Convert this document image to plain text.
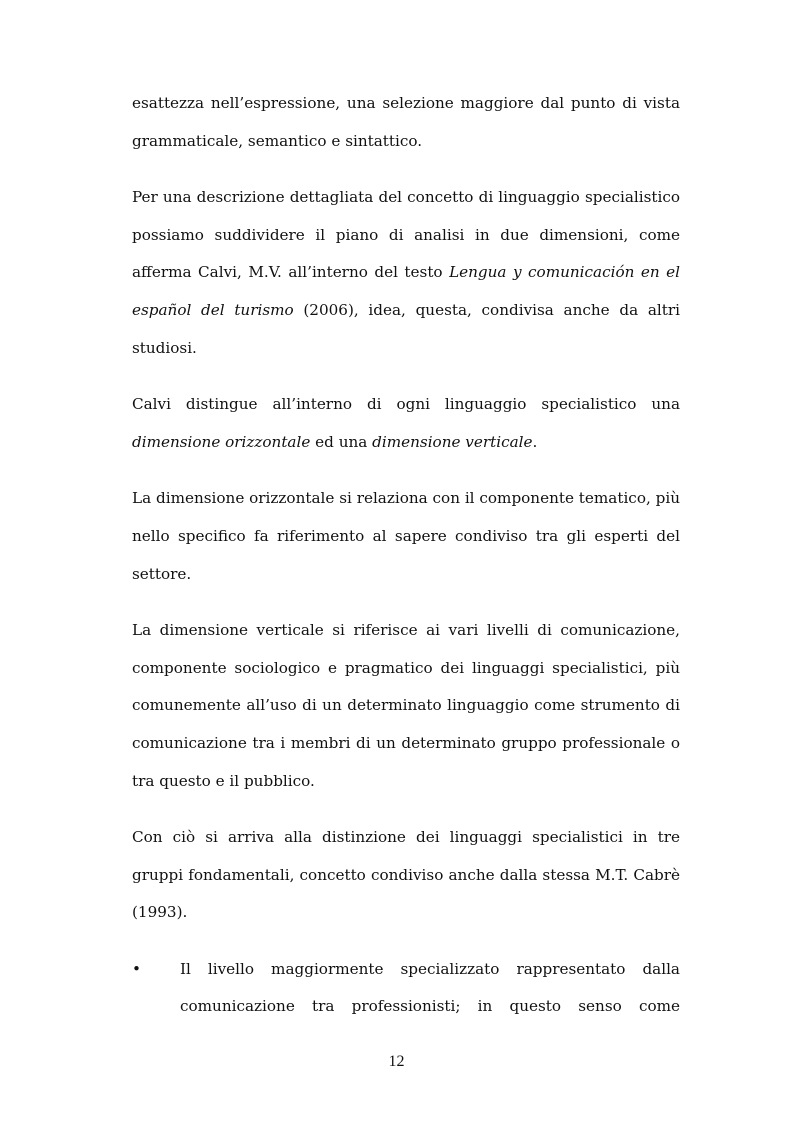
esattezza nell’espressione, una selezione maggiore dal punto di vista grammaticale, semantico e sintattico.

Per una descrizione dettagliata del concetto di linguaggio specialistico possiamo suddividere il piano di analisi in due dimensioni, come afferma Calvi, M.V. all’interno del testo Lengua y comunicación en el español del turismo (2006), idea, questa, condivisa anche da altri studiosi.

Calvi distingue all’interno di ogni linguaggio specialistico una dimensione orizzontale ed una dimensione verticale.

La dimensione orizzontale si relaziona con il componente tematico, più nello specifico fa riferimento al sapere condiviso tra gli esperti del settore.

La dimensione verticale si riferisce ai vari livelli di comunicazione, componente sociologico e pragmatico dei linguaggi specialistici, più comunemente all’uso di un determinato linguaggio come strumento di comunicazione tra i membri di un determinato gruppo professionale o tra questo e il pubblico.

Con ciò si arriva alla distinzione dei linguaggi specialistici in tre gruppi fondamentali, concetto condiviso anche dalla stessa M.T. Cabrè (1993).

•	Il livello maggiormente specializzato rappresentato dalla comunicazione tra professionisti; in questo senso come
12
